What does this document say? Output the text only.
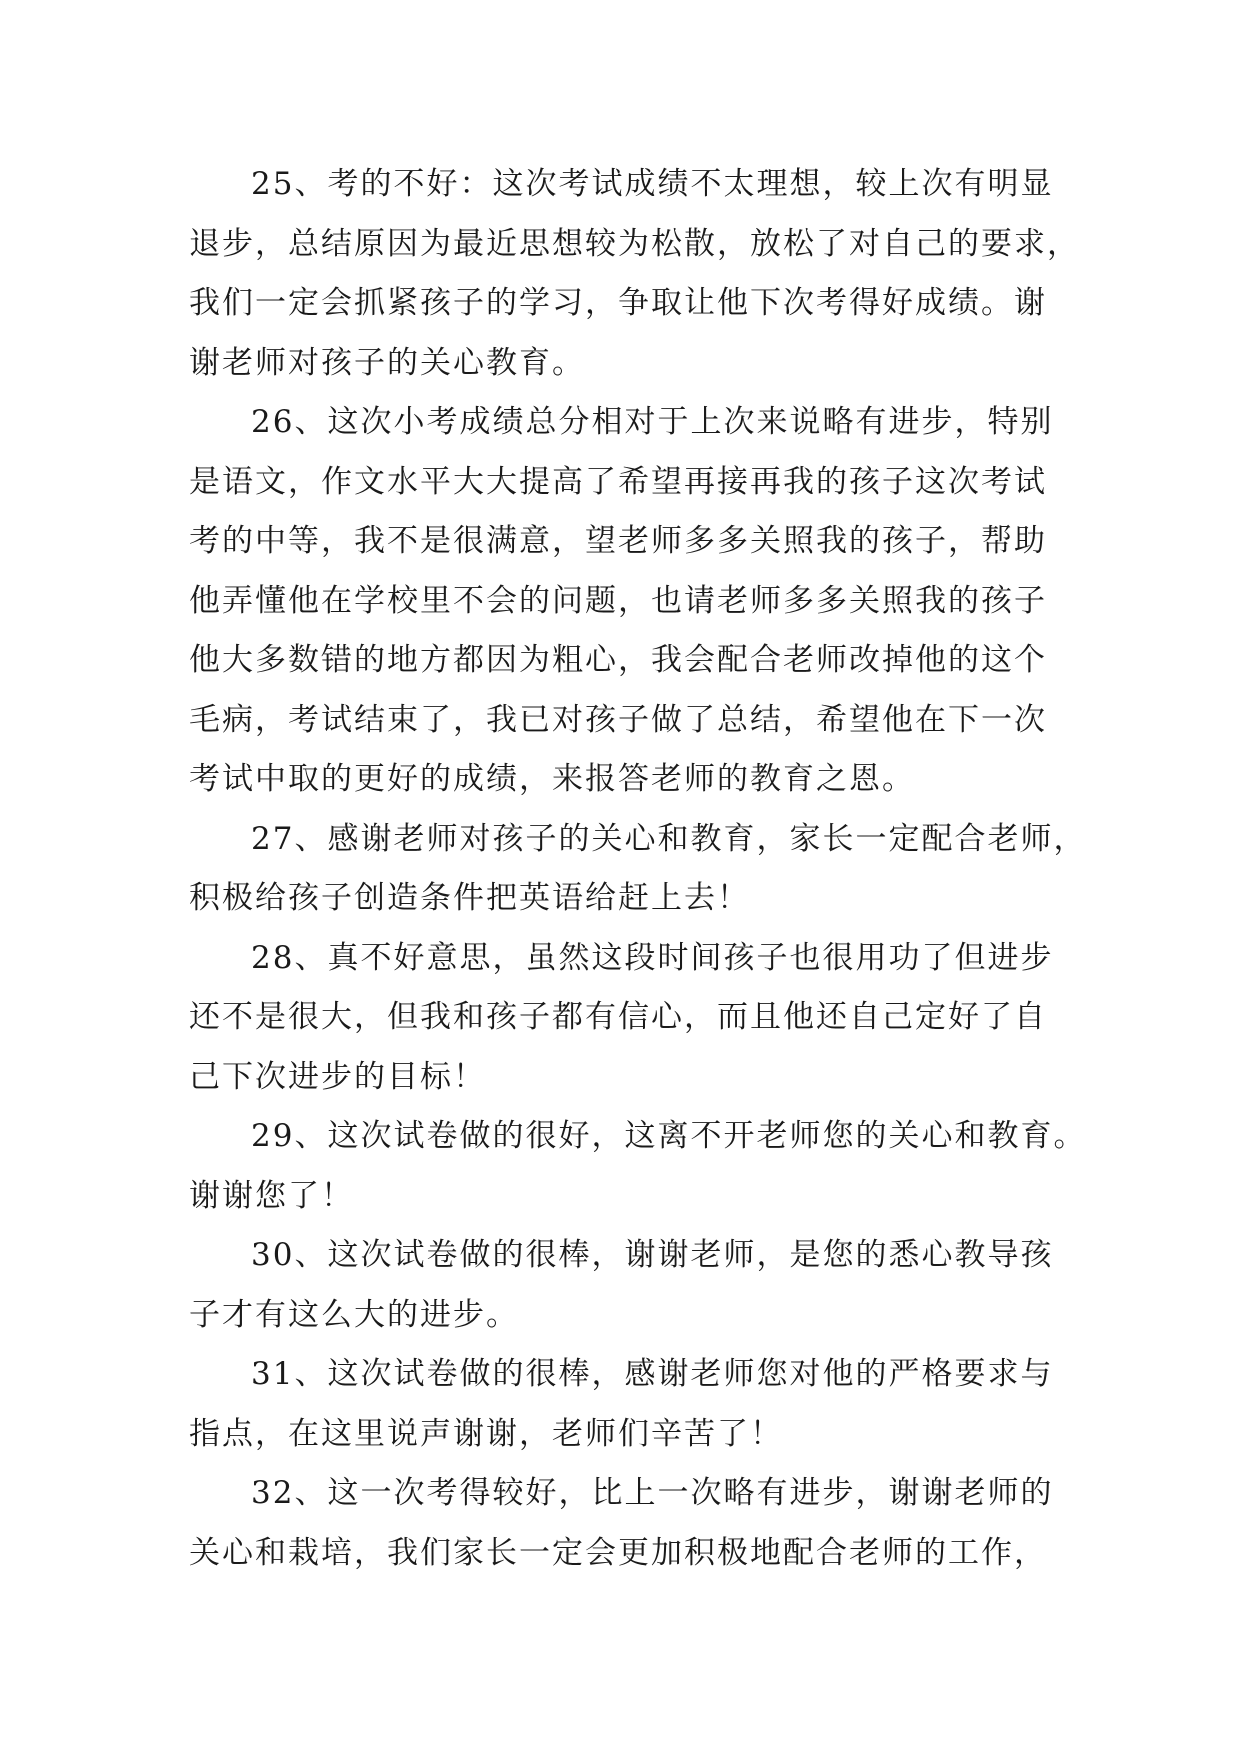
25、考的不好：这次考试成绩不太理想，较上次有明显
退步，总结原因为最近思想较为松散，放松了对自己的要求，
我们一定会抓紧孩子的学习，争取让他下次考得好成绩。谢
谢老师对孩子的关心教育。

26、这次小考成绩总分相对于上次来说略有进步，特别
是语文，作文水平大大提高了希望再接再我的孩子这次考试
考的中等，我不是很满意，望老师多多关照我的孩子，帮助
他弄懂他在学校里不会的问题，也请老师多多关照我的孩子
他大多数错的地方都因为粗心，我会配合老师改掉他的这个
毛病，考试结束了，我已对孩子做了总结，希望他在下一次
考试中取的更好的成绩，来报答老师的教育之恩。

27、感谢老师对孩子的关心和教育，家长一定配合老师，
积极给孩子创造条件把英语给赶上去！

28、真不好意思，虽然这段时间孩子也很用功了但进步
还不是很大，但我和孩子都有信心，而且他还自己定好了自
己下次进步的目标！

29、这次试卷做的很好，这离不开老师您的关心和教育。
谢谢您了！

30、这次试卷做的很棒，谢谢老师，是您的悉心教导孩
子才有这么大的进步。

31、这次试卷做的很棒，感谢老师您对他的严格要求与
指点，在这里说声谢谢，老师们辛苦了！

32、这一次考得较好，比上一次略有进步，谢谢老师的
关心和栽培，我们家长一定会更加积极地配合老师的工作，
